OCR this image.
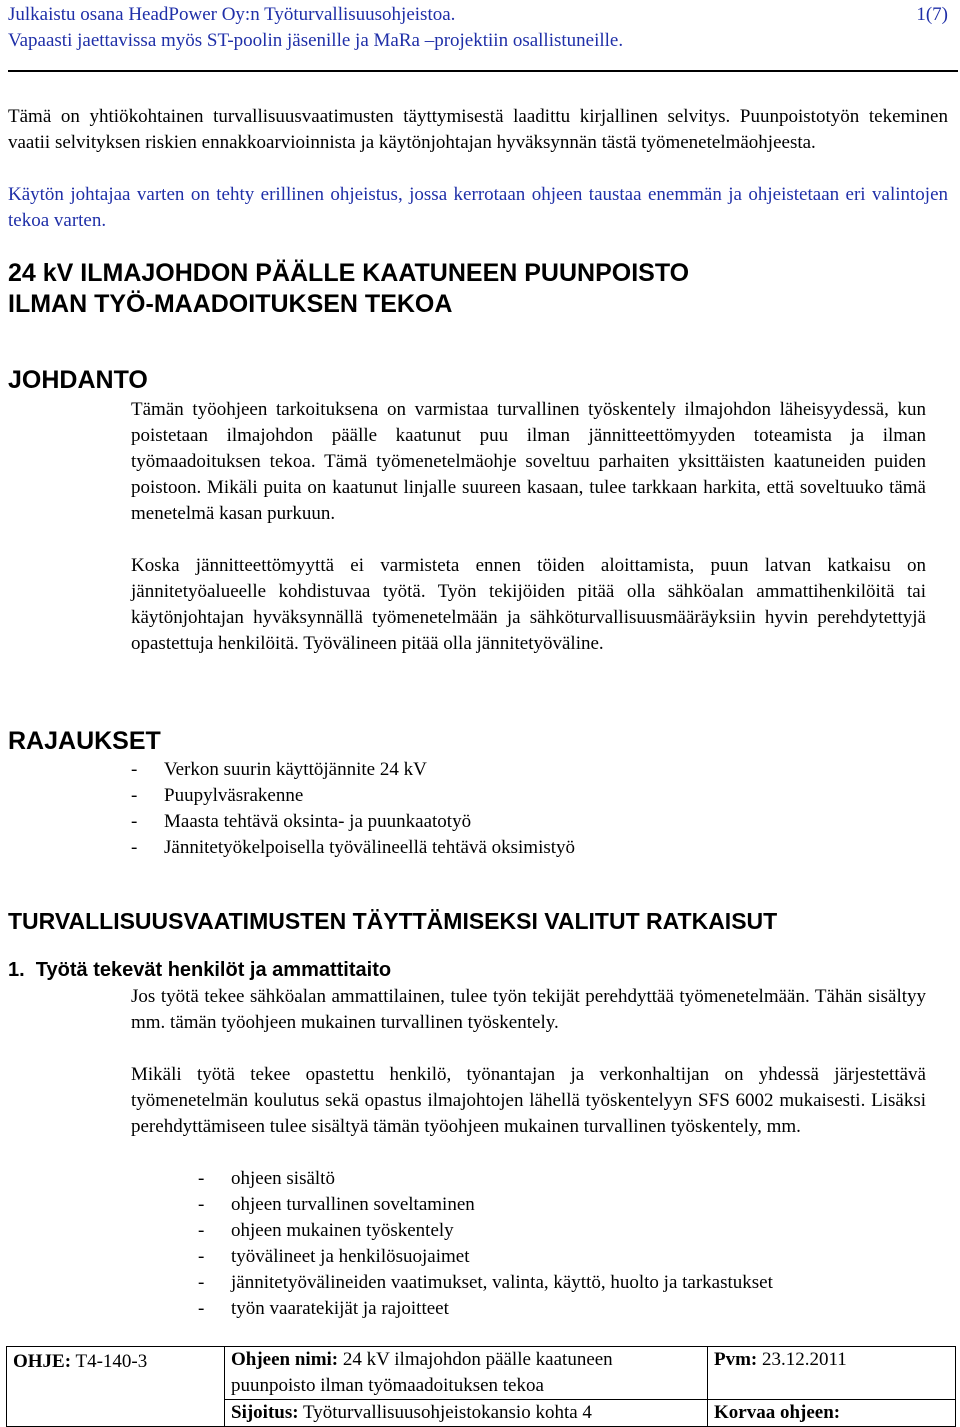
Julkaistu osana HeadPower Oy:n Työturvallisuusohjeistoa.
Vapaasti jaettavissa myös ST-poolin jäsenille ja MaRa –projektiin osallistuneille.
1(7)
Tämä on yhtiökohtainen turvallisuusvaatimusten täyttymisestä laadittu kirjallinen selvitys. Puunpoistotyön tekeminen vaatii selvityksen riskien ennakkoarvioinnista ja käytönjohtajan hyväksynnän tästä työmenetelmäohjeesta.
Käytön johtajaa varten on tehty erillinen ohjeistus, jossa kerrotaan ohjeen taustaa enemmän ja ohjeistetaan eri valintojen tekoa varten.
24 kV ILMAJOHDON PÄÄLLE KAATUNEEN PUUNPOISTO ILMAN TYÖ-MAADOITUKSEN TEKOA
JOHDANTO
Tämän työohjeen tarkoituksena on varmistaa turvallinen työskentely ilmajohdon läheisyydessä, kun poistetaan ilmajohdon päälle kaatunut puu ilman jännitteettömyyden toteamista ja ilman työmaadoituksen tekoa. Tämä työmenetelmäohje soveltuu parhaiten yksittäisten kaatuneiden puiden poistoon. Mikäli puita on kaatunut linjalle suureen kasaan, tulee tarkkaan harkita, että soveltuuko tämä menetelmä kasan purkuun.
Koska jännitteettömyyttä ei varmisteta ennen töiden aloittamista, puun latvan katkaisu on jännitetyöalueelle kohdistuvaa työtä. Työn tekijöiden pitää olla sähköalan ammattihenkilöitä tai käytönjohtajan hyväksynnällä työmenetelmään ja sähköturvallisuusmääräyksiin hyvin perehdytettyjä opastettuja henkilöitä. Työvälineen pitää olla jännitetyöväline.
RAJAUKSET
- Verkon suurin käyttöjännite 24 kV
- Puupylväsrakenne
- Maasta tehtävä oksinta- ja puunkaatotyö
- Jännitetyökelpoisella työvälineellä tehtävä oksimistyö
TURVALLISUUSVAATIMUSTEN TÄYTTÄMISEKSI VALITUT RATKAISUT
1.  Työtä tekevät henkilöt ja ammattitaito
Jos työtä tekee sähköalan ammattilainen, tulee työn tekijät perehdyttää työmenetelmään. Tähän sisältyy mm. tämän työohjeen mukainen turvallinen työskentely.
Mikäli työtä tekee opastettu henkilö, työnantajan ja verkonhaltijan on yhdessä järjestettävä työmenetelmän koulutus sekä opastus ilmajohtojen lähellä työskentelyyn SFS 6002 mukaisesti. Lisäksi perehdyttämiseen tulee sisältyä tämän työohjeen mukainen turvallinen työskentely, mm.
- ohjeen sisältö
- ohjeen turvallinen soveltaminen
- ohjeen mukainen työskentely
- työvälineet ja henkilösuojaimet
- jännitetyövälineiden vaatimukset, valinta, käyttö, huolto ja tarkastukset
- työn vaaratekijät ja rajoitteet
OHJE: T4-140-3	Ohjeen nimi: 24 kV ilmajohdon päälle kaatuneen puunpoisto ilman työmaadoituksen tekoa	Pvm: 23.12.2011
	Sijoitus: Työturvallisuusohjeistokansio kohta 4	Korvaa ohjeen:
